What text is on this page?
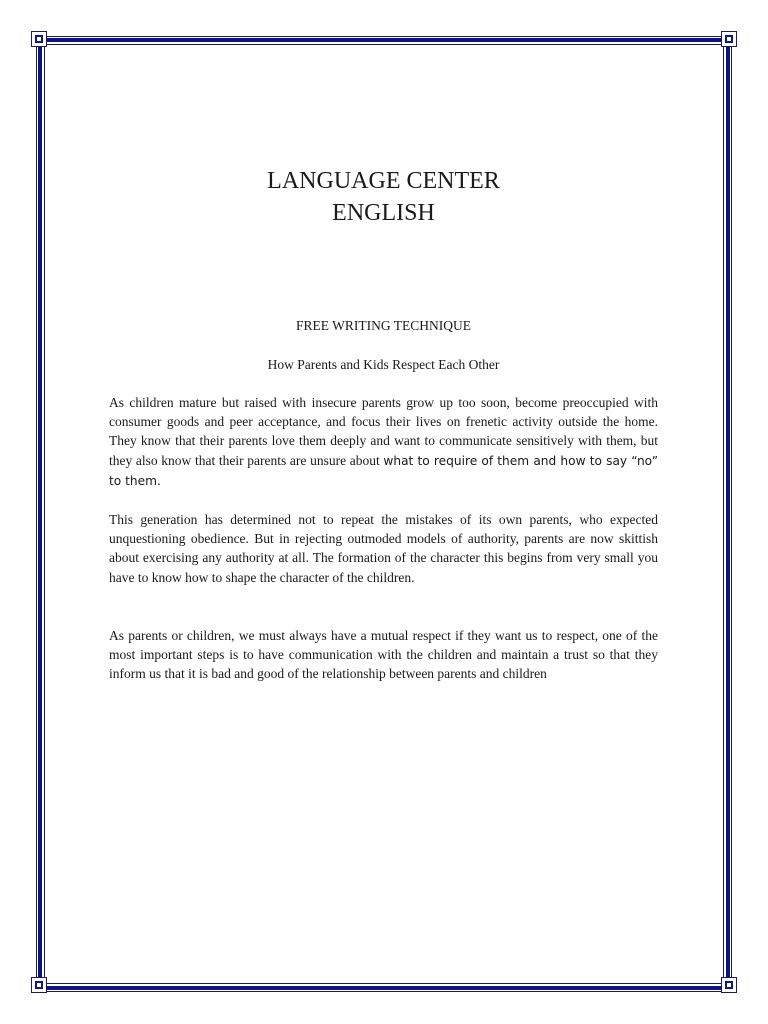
LANGUAGE CENTER
ENGLISH
FREE WRITING TECHNIQUE
How Parents and Kids Respect Each Other

As children mature but raised with insecure parents grow up too soon, become preoccupied with consumer goods and peer acceptance, and focus their lives on frenetic activity outside the home. They know that their parents love them deeply and want to communicate sensitively with them, but they also know that their parents are unsure about what to require of them and how to say “no” to them.

This generation has determined not to repeat the mistakes of its own parents, who expected unquestioning obedience. But in rejecting outmoded models of authority, parents are now skittish about exercising any authority at all. The formation of the character this begins from very small you have to know how to shape the character of the children.

As parents or children, we must always have a mutual respect if they want us to respect, one of the most important steps is to have communication with the children and maintain a trust so that they inform us that it is bad and good of the relationship between parents and children
